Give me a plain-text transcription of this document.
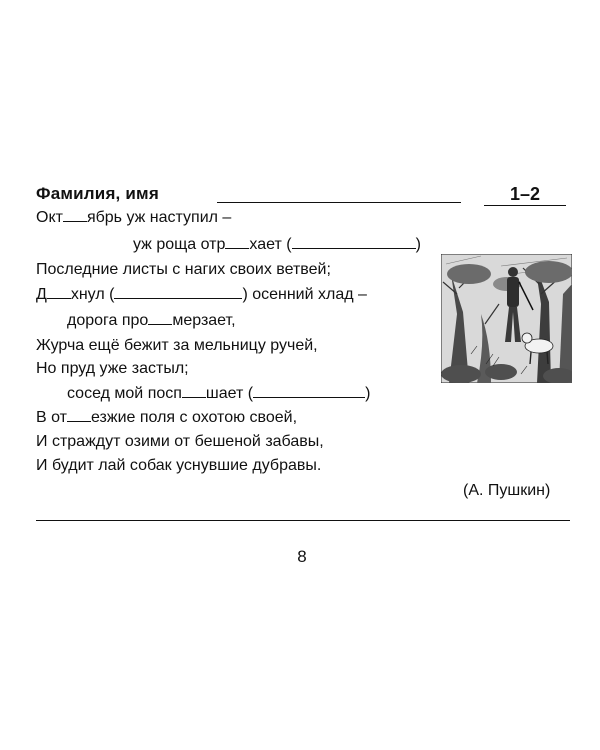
Фамилия, имя	1–2
Окт ябрь уж наступил –
уж роща отр хает (	)
Последние листы с нагих своих ветвей;
Д хнул (	) осенний хлад –
дорога про мерзает,
Журча ещё бежит за мельницу ручей,
Но пруд уже застыл;
сосед мой посп шает (	)
В от езжие поля с охотою своей,
И страждут озими от бешеной забавы,
И будит лай собак уснувшие дубравы.
(А. Пушкин)
8
